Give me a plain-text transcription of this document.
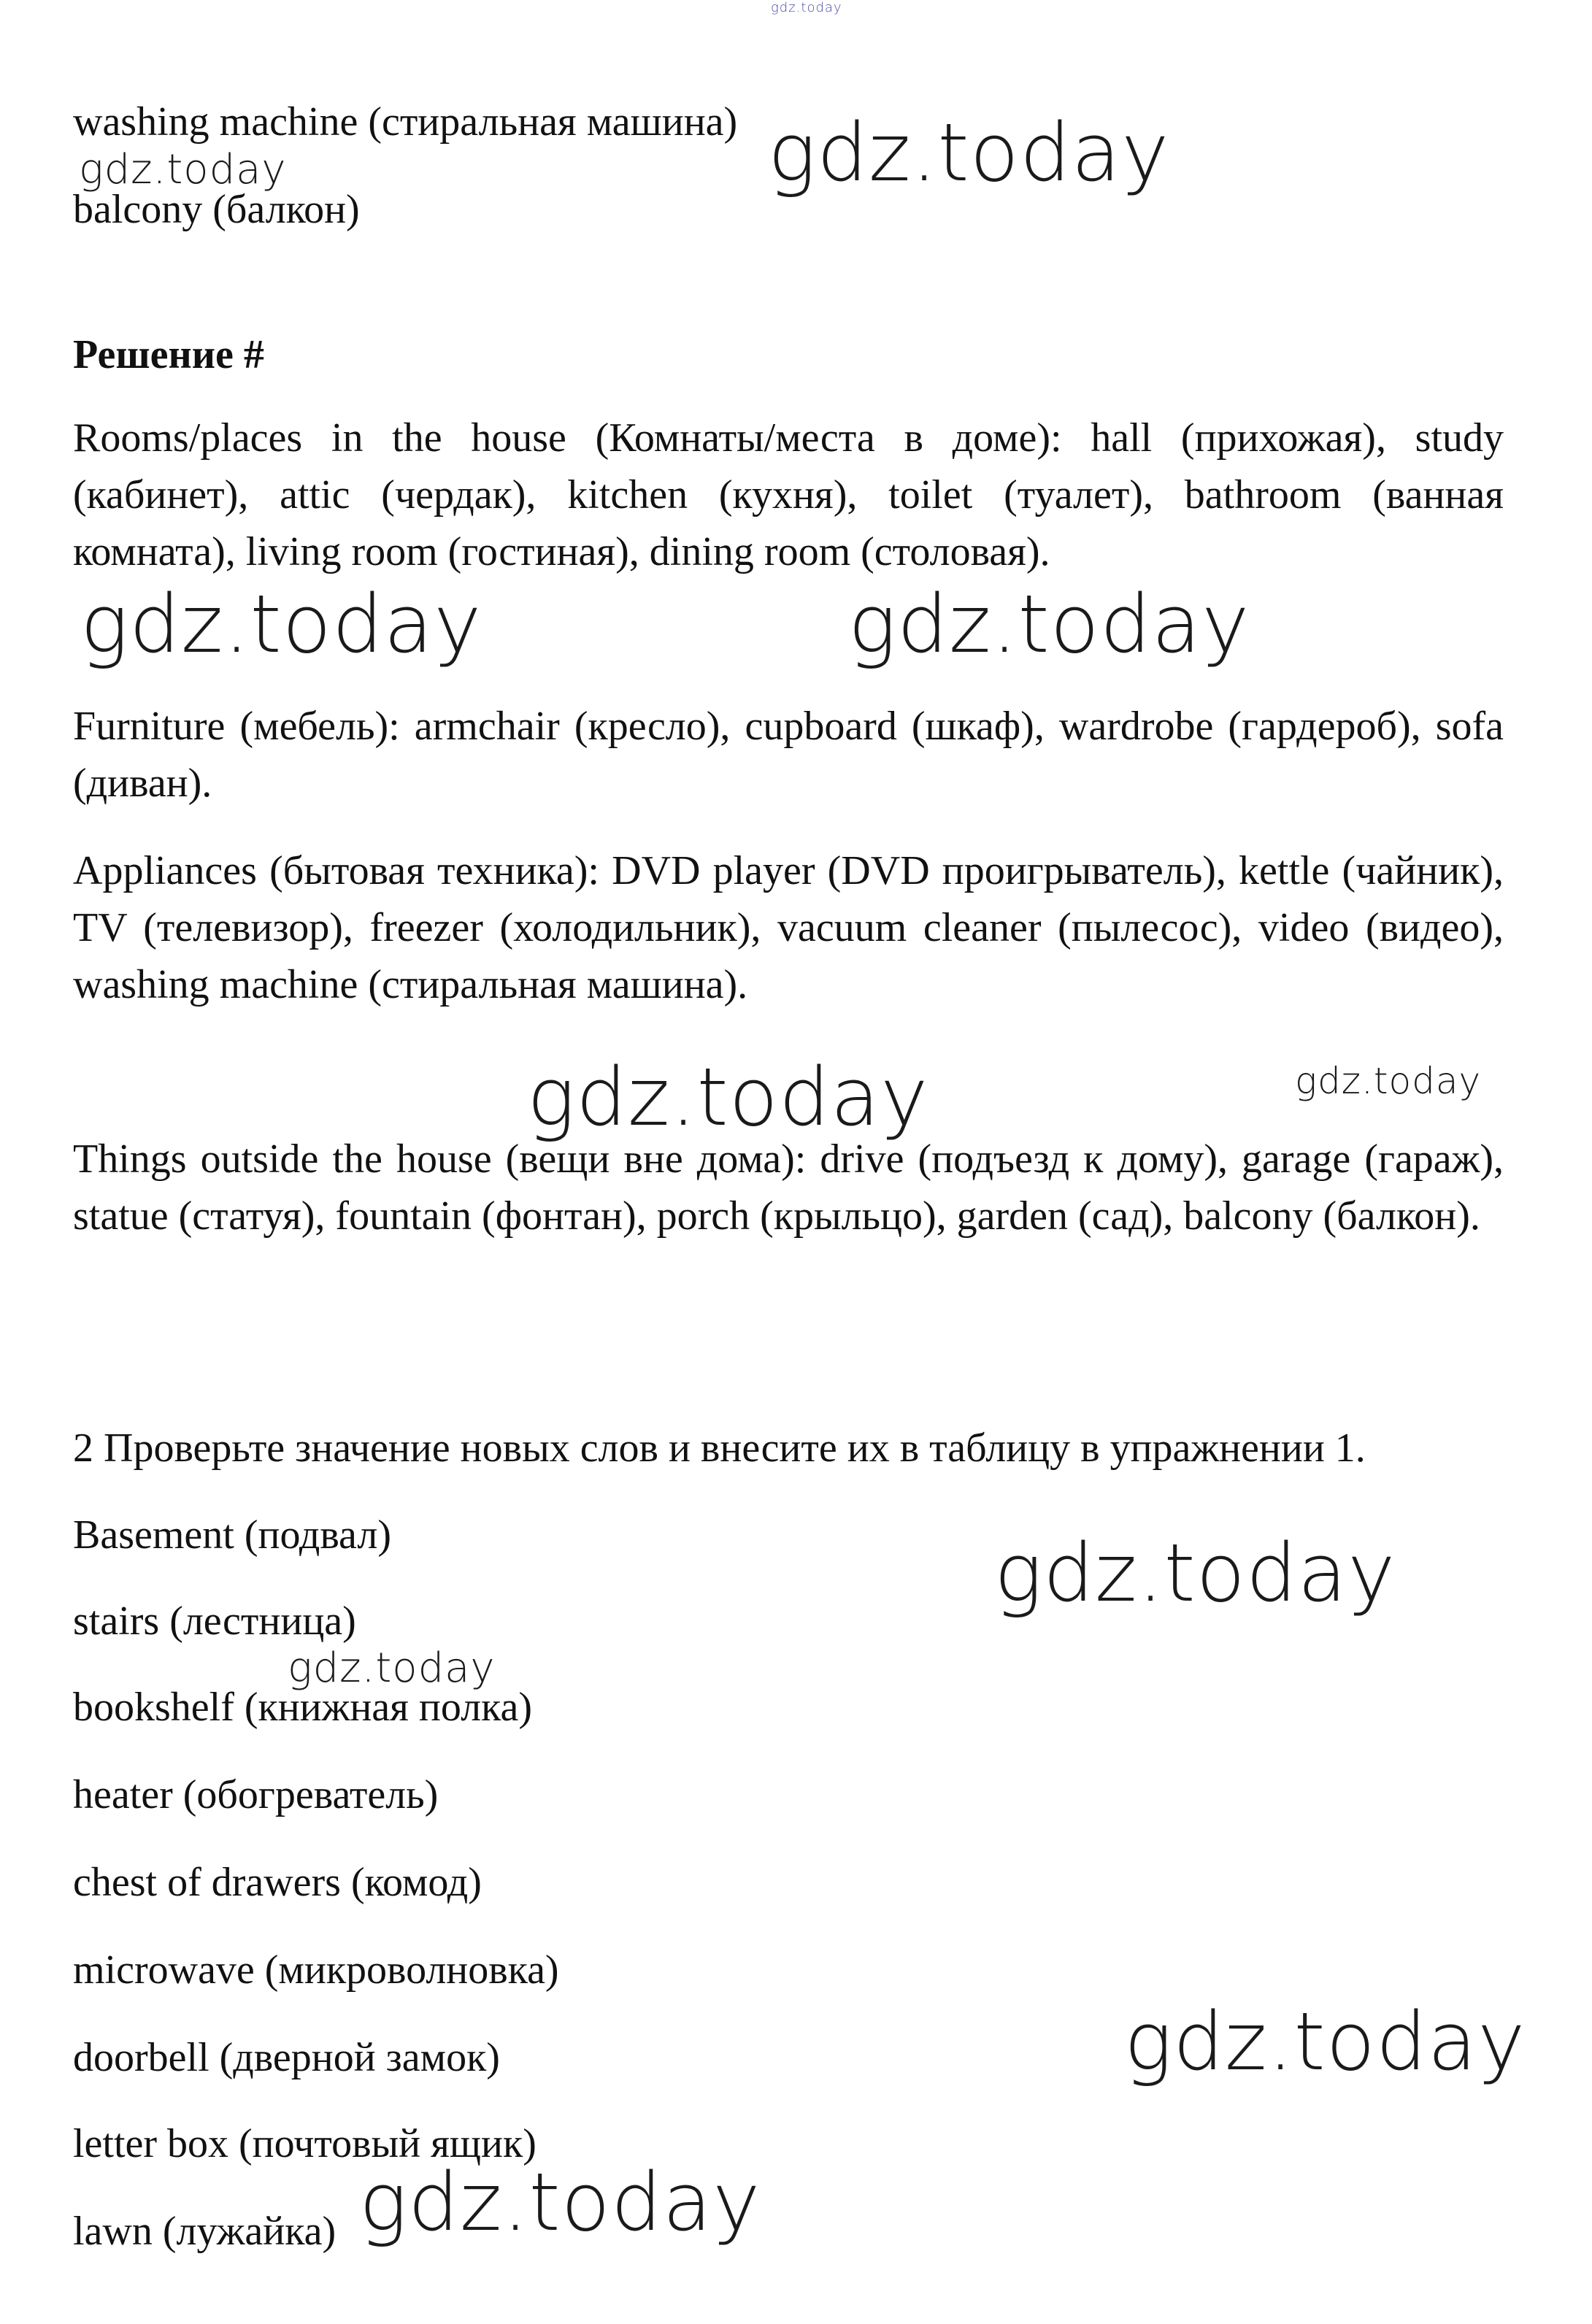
gdz.today

washing machine (стиральная машина)

balcony (балкон)

Решение #

Rooms/places in the house (Комнаты/места в доме): hall (прихожая), study (кабинет), attic (чердак), kitchen (кухня), toilet (туалет), bathroom (ванная комната), living room (гостиная), dining room (столовая).

Furniture (мебель): armchair (кресло), cupboard (шкаф), wardrobe (гардероб), sofa (диван).

Appliances (бытовая техника): DVD player (DVD проигрыватель), kettle (чайник), TV (телевизор), freezer (холодильник), vacuum cleaner (пылесос), video (видео), washing machine (стиральная машина).

Things outside the house (вещи вне дома): drive (подъезд к дому), garage (гараж), statue (статуя), fountain (фонтан), porch (крыльцо), garden (сад), balcony (балкон).

2 Проверьте значение новых слов и внесите их в таблицу в упражнении 1.

Basement (подвал)

stairs (лестница)

bookshelf (книжная полка)

heater (обогреватель)

chest of drawers (комод)

microwave (микроволновка)

doorbell (дверной замок)

letter box (почтовый ящик)

lawn (лужайка)

gdz.today
gdz.today
gdz.today	gdz.today
gdz.today	gdz.today
gdz.today
gdz.today
gdz.today
gdz.today
